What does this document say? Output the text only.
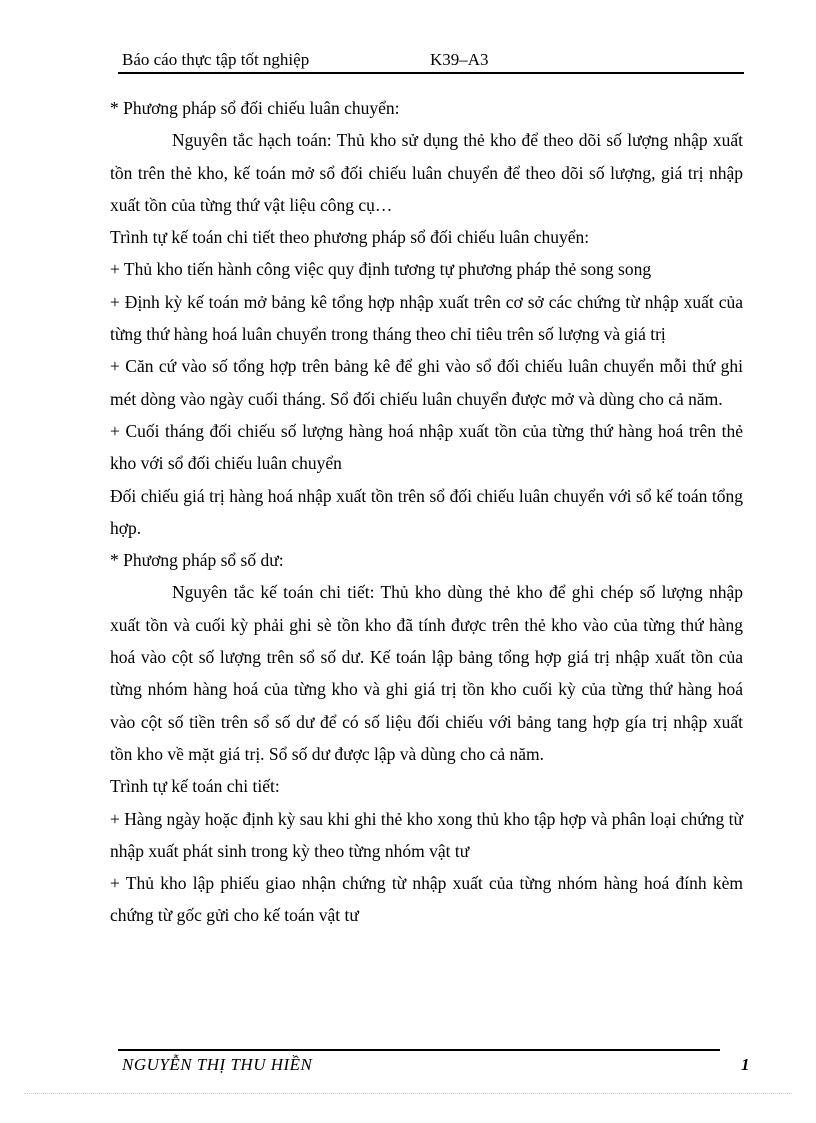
Báo cáo thực tập tốt nghiệp	K39–A3

* Phương pháp sổ đối chiếu luân chuyển:

Nguyên tắc hạch toán: Thủ kho sử dụng thẻ kho để theo dõi số lượng nhập xuất tồn trên thẻ kho, kế toán mở sổ đối chiếu luân chuyển để theo dõi số lượng, giá trị nhập xuất tồn của từng thứ vật liệu công cụ…

Trình tự kế toán chi tiết theo phương pháp sổ đối chiếu luân chuyển:

+ Thủ kho tiến hành công việc quy định tương tự phương pháp thẻ song song

+ Định kỳ kế toán mở bảng kê tổng hợp nhập xuất trên cơ sở các chứng từ nhập xuất của từng thứ hàng hoá luân chuyển trong tháng theo chỉ tiêu trên số lượng và giá trị

+ Căn cứ vào số tổng hợp trên bảng kê để ghi vào sổ đối chiếu luân chuyển mỗi thứ ghi mét dòng vào ngày cuối tháng. Sổ đối chiếu luân chuyển được mở và dùng cho cả năm.

+ Cuối tháng đối chiếu số lượng hàng hoá nhập xuất tồn của từng thứ hàng hoá trên thẻ kho với sổ đối chiếu luân chuyển

Đối chiếu giá trị hàng hoá nhập xuất tồn trên sổ đối chiếu luân chuyển với sổ kế toán tổng hợp.

* Phương pháp sổ số dư:

Nguyên tắc kế toán chi tiết: Thủ kho dùng thẻ kho để ghi chép số lượng nhập xuất tồn và cuối kỳ phải ghi sè tồn kho đã tính được trên thẻ kho vào của từng thứ hàng hoá vào cột số lượng trên sổ số dư. Kế toán lập bảng tổng hợp giá trị nhập xuất tồn của từng nhóm hàng hoá của từng kho và ghi giá trị tồn kho cuối kỳ của từng thứ hàng hoá vào cột số tiền trên sổ số dư để có số liệu đối chiếu với bảng tang hợp gía trị nhập xuất tồn kho về mặt giá trị. Sổ số dư được lập và dùng cho cả năm.

Trình tự kế toán chi tiết:

+ Hàng ngày hoặc định kỳ sau khi ghi thẻ kho xong thủ kho tập hợp và phân loại chứng từ nhập xuất phát sinh trong kỳ theo từng nhóm vật tư

+ Thủ kho lập phiếu giao nhận chứng từ nhập xuất của từng nhóm hàng hoá đính kèm chứng từ gốc gửi cho kế toán vật tư

NGUYỄN THỊ THU HIỀN	1
